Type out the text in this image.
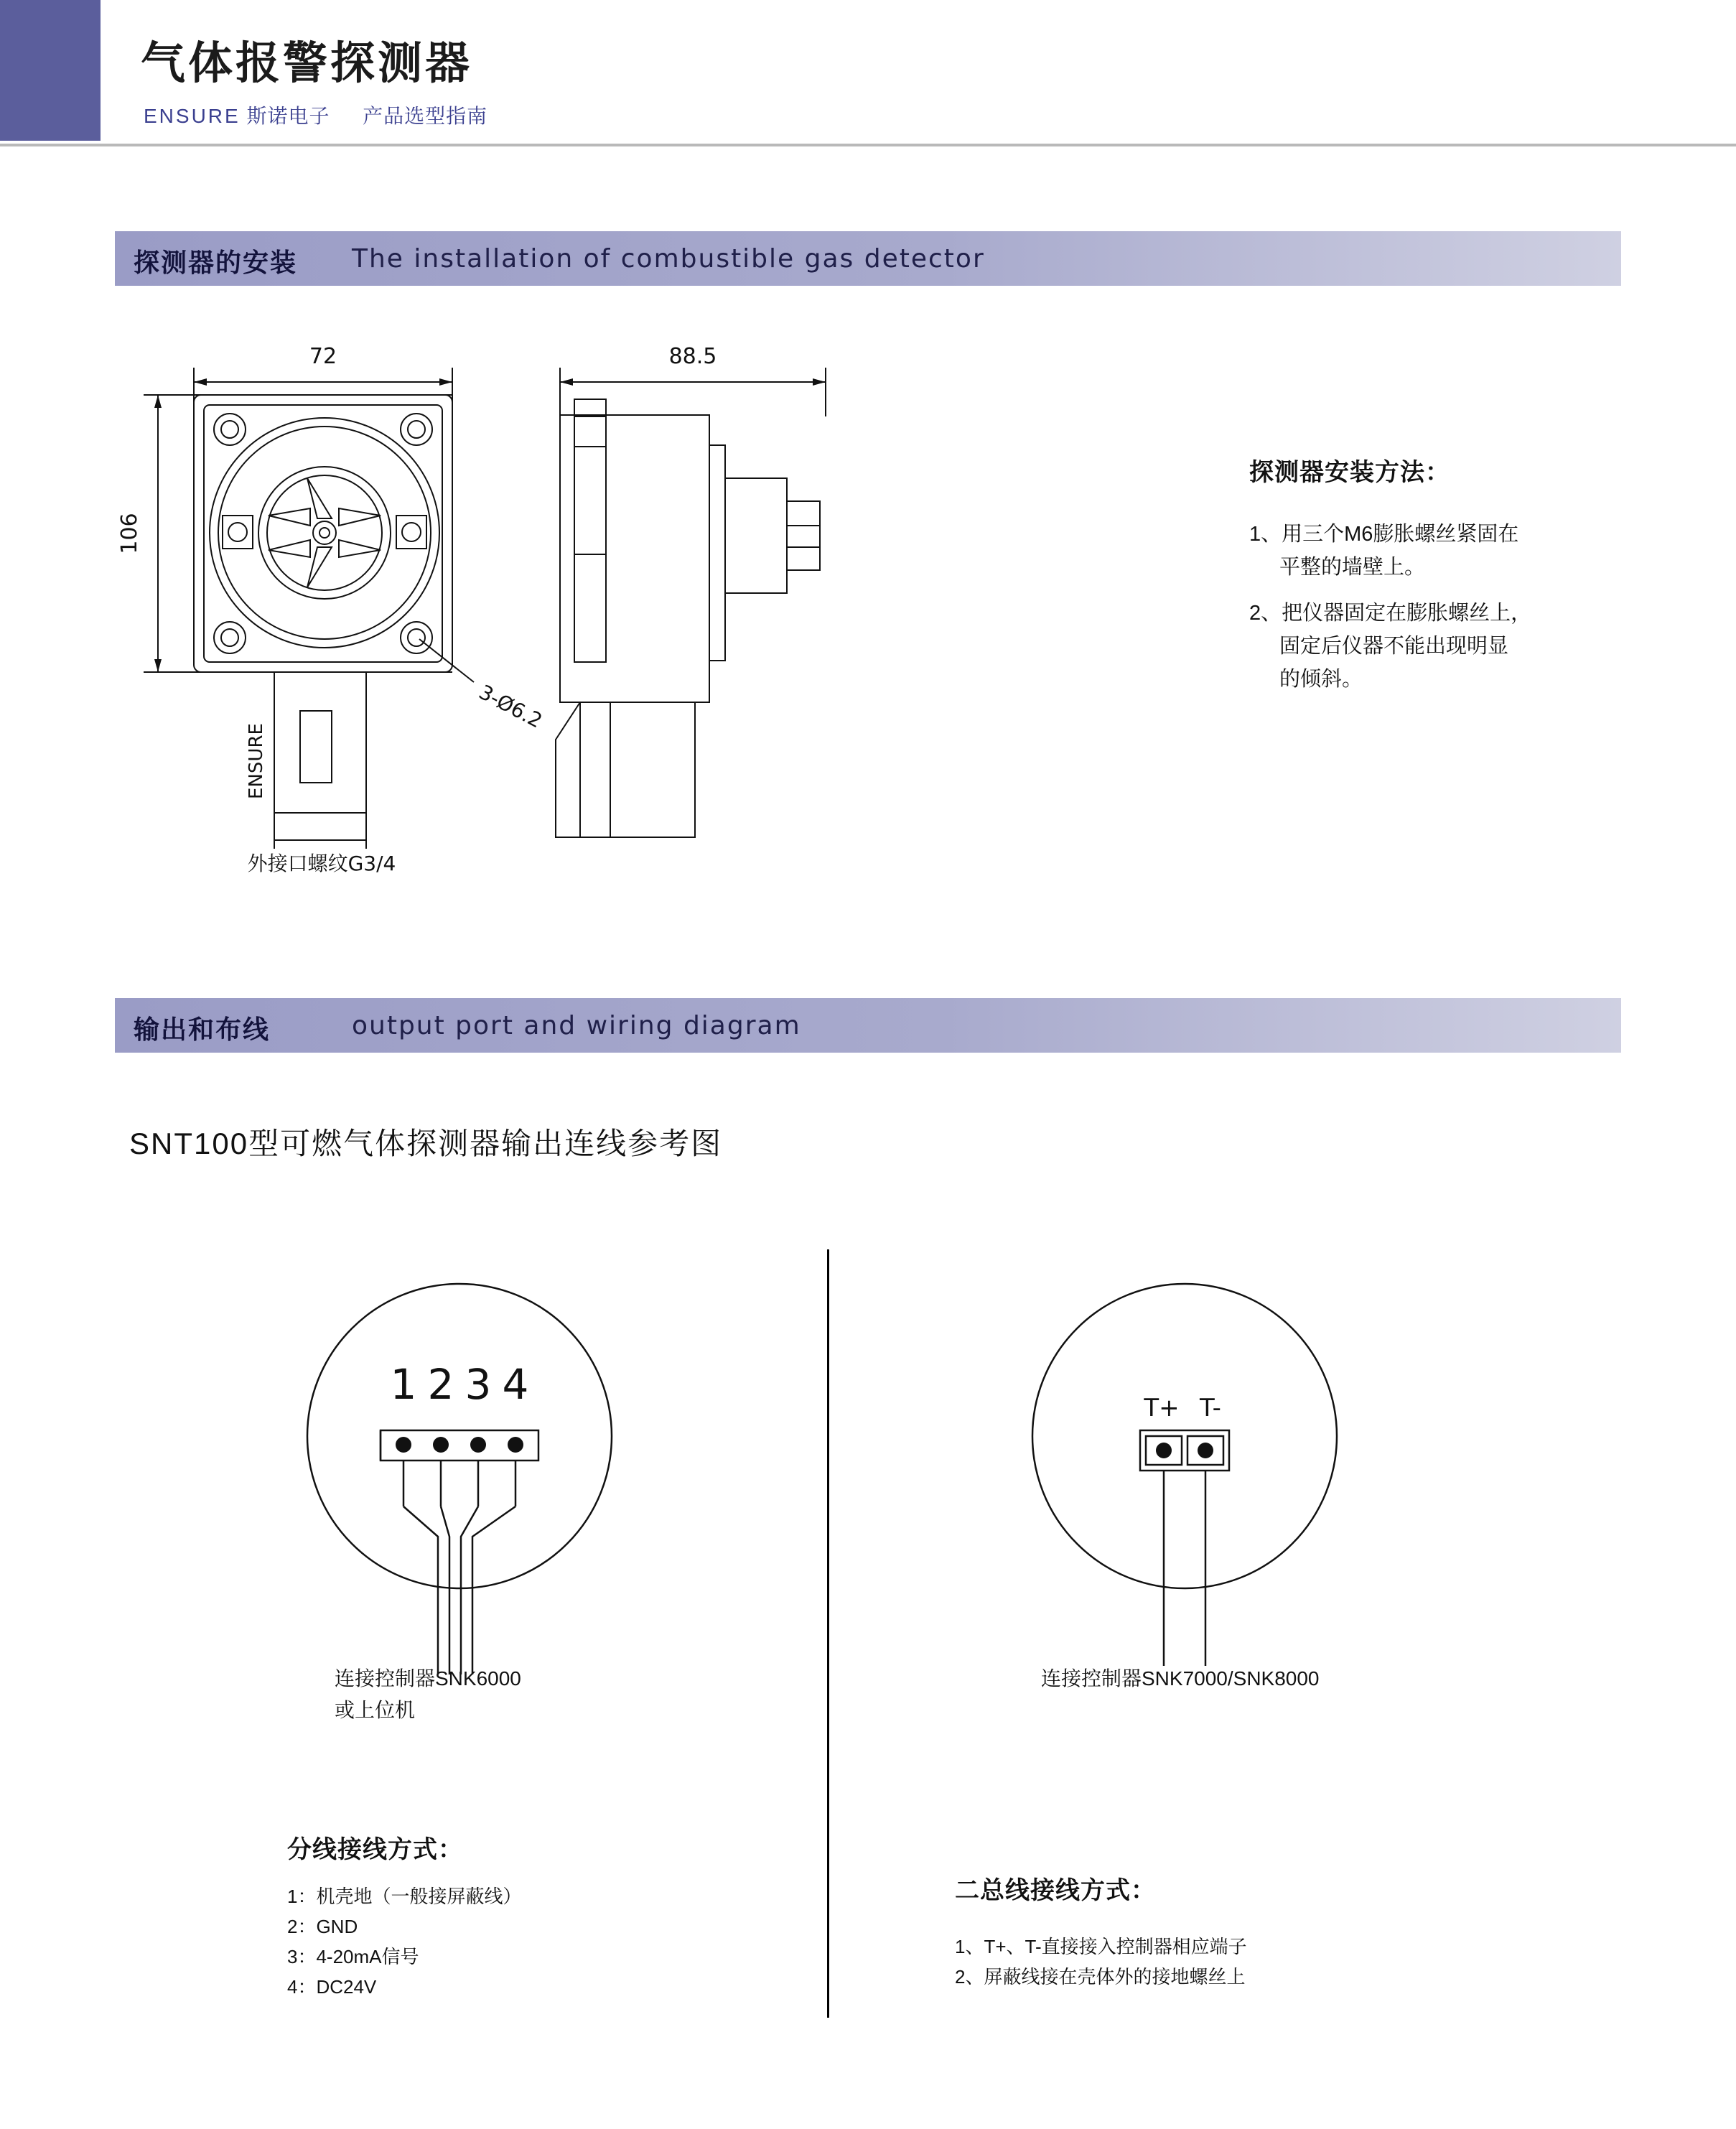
气体报警探测器
ENSURE 斯诺电子 产品选型指南
探测器的安装 The installation of combustible gas detector
72	88.5
106
3-Ø6.2
外接口螺纹G3/4
ENSURE
探测器安装方法：
1、用三个M6膨胀螺丝紧固在
平整的墙壁上。
2、把仪器固定在膨胀螺丝上，
固定后仪器不能出现明显
的倾斜。
输出和布线	output port and wiring diagram
SNT100型可燃气体探测器输出连线参考图
1 2 3 4	T+ T-
连接控制器SNK6000
或上位机
连接控制器SNK7000/SNK8000
分线接线方式：
1：机壳地（一般接屏蔽线）
2：GND
3：4-20mA信号
4：DC24V
二总线接线方式：
1、T+、T-直接接入控制器相应端子
2、屏蔽线接在壳体外的接地螺丝上
